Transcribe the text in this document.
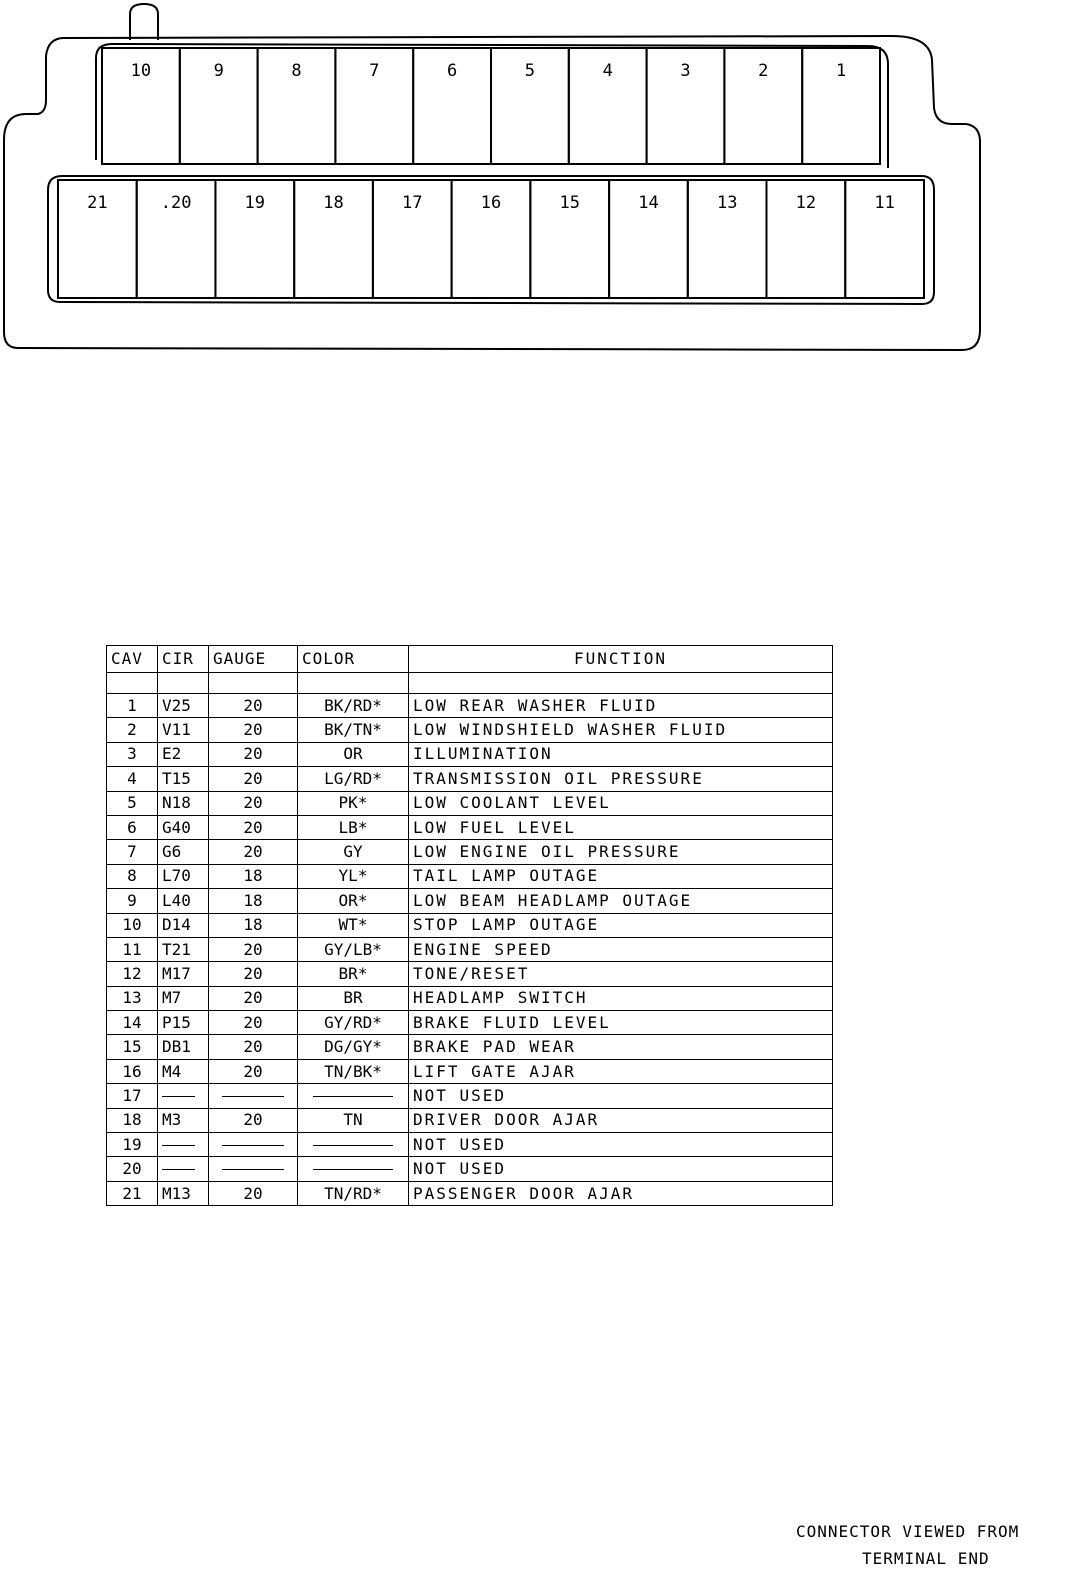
10	9	8	7	6	5	4	3	2	1
21	.20	19	18	17	16	15	14	13	12	11
CAV	CIR	GAUGE	COLOR	FUNCTION

1	V25	20	BK/RD*	LOW REAR WASHER FLUID
2	V11	20	BK/TN*	LOW WINDSHIELD WASHER FLUID
3	E2	20	OR	ILLUMINATION
4	T15	20	LG/RD*	TRANSMISSION OIL PRESSURE
5	N18	20	PK*	LOW COOLANT LEVEL
6	G40	20	LB*	LOW FUEL LEVEL
7	G6	20	GY	LOW ENGINE OIL PRESSURE
8	L70	18	YL*	TAIL LAMP OUTAGE
9	L40	18	OR*	LOW BEAM HEADLAMP OUTAGE
10	D14	18	WT*	STOP LAMP OUTAGE
11	T21	20	GY/LB*	ENGINE SPEED
12	M17	20	BR*	TONE/RESET
13	M7	20	BR	HEADLAMP SWITCH
14	P15	20	GY/RD*	BRAKE FLUID LEVEL
15	DB1	20	DG/GY*	BRAKE PAD WEAR
16	M4	20	TN/BK*	LIFT GATE AJAR
17				NOT USED
18	M3	20	TN	DRIVER DOOR AJAR
19				NOT USED
20				NOT USED
21	M13	20	TN/RD*	PASSENGER DOOR AJAR
CONNECTOR VIEWED FROM
TERMINAL END
